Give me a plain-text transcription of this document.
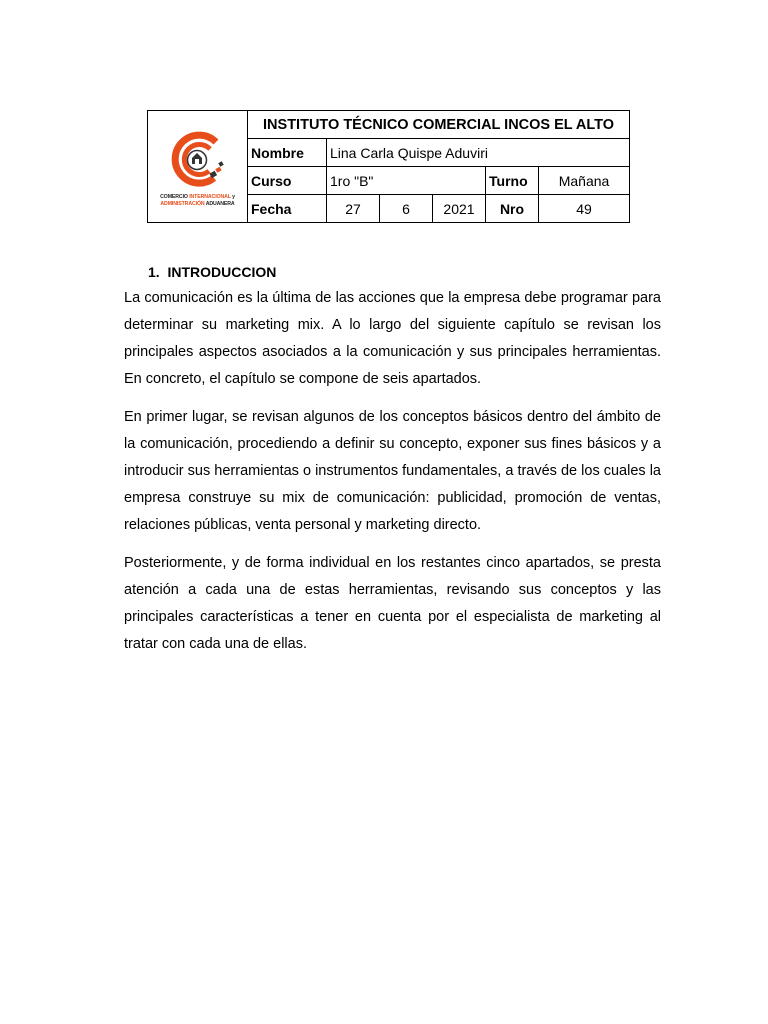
COMERCIO INTERNACIONAL y
ADMINISTRACIÓN ADUANERA	INSTITUTO TÉCNICO COMERCIAL INCOS EL ALTO					
	Nombre	Lina Carla Quispe Aduviri				
	Curso	1ro "B"			Turno	Mañana
	Fecha	27	6	2021	Nro	49
1. INTRODUCCION

La comunicación es la última de las acciones que la empresa debe programar para determinar su marketing mix. A lo largo del siguiente capítulo se revisan los principales aspectos asociados a la comunicación y sus principales herramientas. En concreto, el capítulo se compone de seis apartados.

En primer lugar, se revisan algunos de los conceptos básicos dentro del ámbito de la comunicación, procediendo a definir su concepto, exponer sus fines básicos y a introducir sus herramientas o instrumentos fundamentales, a través de los cuales la empresa construye su mix de comunicación: publicidad, promoción de ventas, relaciones públicas, venta personal y marketing directo.

Posteriormente, y de forma individual en los restantes cinco apartados, se presta atención a cada una de estas herramientas, revisando sus conceptos y las principales características a tener en cuenta por el especialista de marketing al tratar con cada una de ellas.
